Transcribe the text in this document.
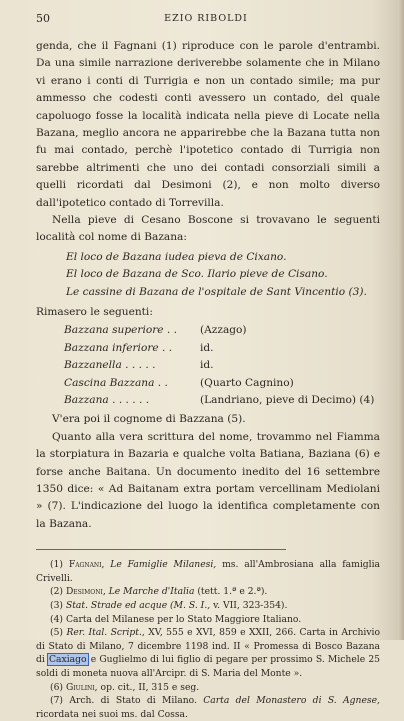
50	EZIO RIBOLDI

genda, che il Fagnani (1) riproduce con le parole d'entrambi. Da una simile narrazione deriverebbe solamente che in Milano vi erano i conti di Turrigia e non un contado simile; ma pur ammesso che codesti conti avessero un contado, del quale capoluogo fosse la località indicata nella pieve di Locate nella Bazana, meglio ancora ne apparirebbe che la Bazana tutta non fu mai contado, perchè l'ipotetico contado di Turrigia non sarebbe altrimenti che uno dei contadi consorziali simili a quelli ricordati dal Desimoni (2), e non molto diverso dall'ipotetico contado di Torrevilla.

Nella pieve di Cesano Boscone si trovavano le seguenti località col nome di Bazana:

El loco de Bazana iudea pieva de Cixano.
El loco de Bazana de Sco. Ilario pieve de Cisano.
Le cassine di Bazana de l'ospitale de Sant Vincentio (3).

Rimasero le seguenti:

Bazzana superiore . . (Azzago)
Bazzana inferiore . .	id.
Bazzanella . . . . .	id.
Cascina Bazzana . .	(Quarto Cagnino)
Bazzana . . . . . .	(Landriano, pieve di Decimo) (4)

V'era poi il cognome di Bazzana (5).

Quanto alla vera scrittura del nome, trovammo nel Fiamma la storpiatura in Bazaria e qualche volta Batiana, Baziana (6) e forse anche Baitana. Un documento inedito del 16 settembre 1350 dice: « Ad Baitanam extra portam vercellinam Mediolani » (7). L'indicazione del luogo la identifica completamente con la Bazana.

(1) Fagnani, Le Famiglie Milanesi, ms. all'Ambrosiana alla famiglia Crivelli.

(2) Desimoni, Le Marche d'Italia (tett. 1.ª e 2.ª).

(3) Stat. Strade ed acque (M. S. I., v. VII, 323-354).

(4) Carta del Milanese per lo Stato Maggiore Italiano.

(5) Rer. Ital. Script., XV, 555 e XVI, 859 e XXII, 266. Carta in Archivio di Stato di Milano, 7 dicembre 1198 ind. II « Promessa di Bosco Bazana di Caxiago e Guglielmo di lui figlio di pegare per prossimo S. Michele 25 soldi di moneta nuova all'Arcipr. di S. Maria del Monte ».

(6) Giulini, op. cit., II, 315 e seg.

(7) Arch. di Stato di Milano. Carta del Monastero di S. Agnese, ricordata nei suoi ms. dal Cossa.
